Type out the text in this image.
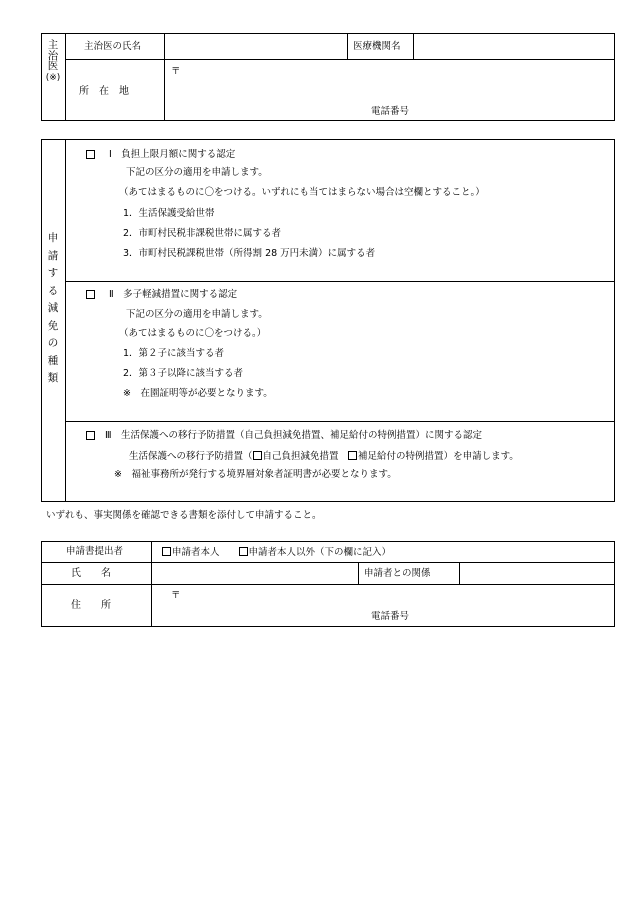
主
治
医
(※)
主治医の氏名	医療機関名
所　在　地
〒
電話番号
申
請
す
る
減
免
の
種
類
Ⅰ　負担上限月額に関する認定
下記の区分の適用を申請します。
（あてはまるものに〇をつける。いずれにも当てはまらない場合は空欄とすること。）
1．生活保護受給世帯
2．市町村民税非課税世帯に属する者
3．市町村民税課税世帯（所得割 28 万円未満）に属する者
Ⅱ　多子軽減措置に関する認定
下記の区分の適用を申請します。
（あてはまるものに〇をつける。）
1．第２子に該当する者
2．第３子以降に該当する者
※　在園証明等が必要となります。
Ⅲ　生活保護への移行予防措置（自己負担減免措置、補足給付の特例措置）に関する認定
生活保護への移行予防措置（ 自己負担減免措置　 補足給付の特例措置）を申請します。
※　福祉事務所が発行する境界層対象者証明書が必要となります。
いずれも、事実関係を確認できる書類を添付して申請すること。
申請書提出者	申請者本人　　	申請者本人以外（下の欄に記入）
氏　　名	申請者との関係
住　　所
〒
電話番号
